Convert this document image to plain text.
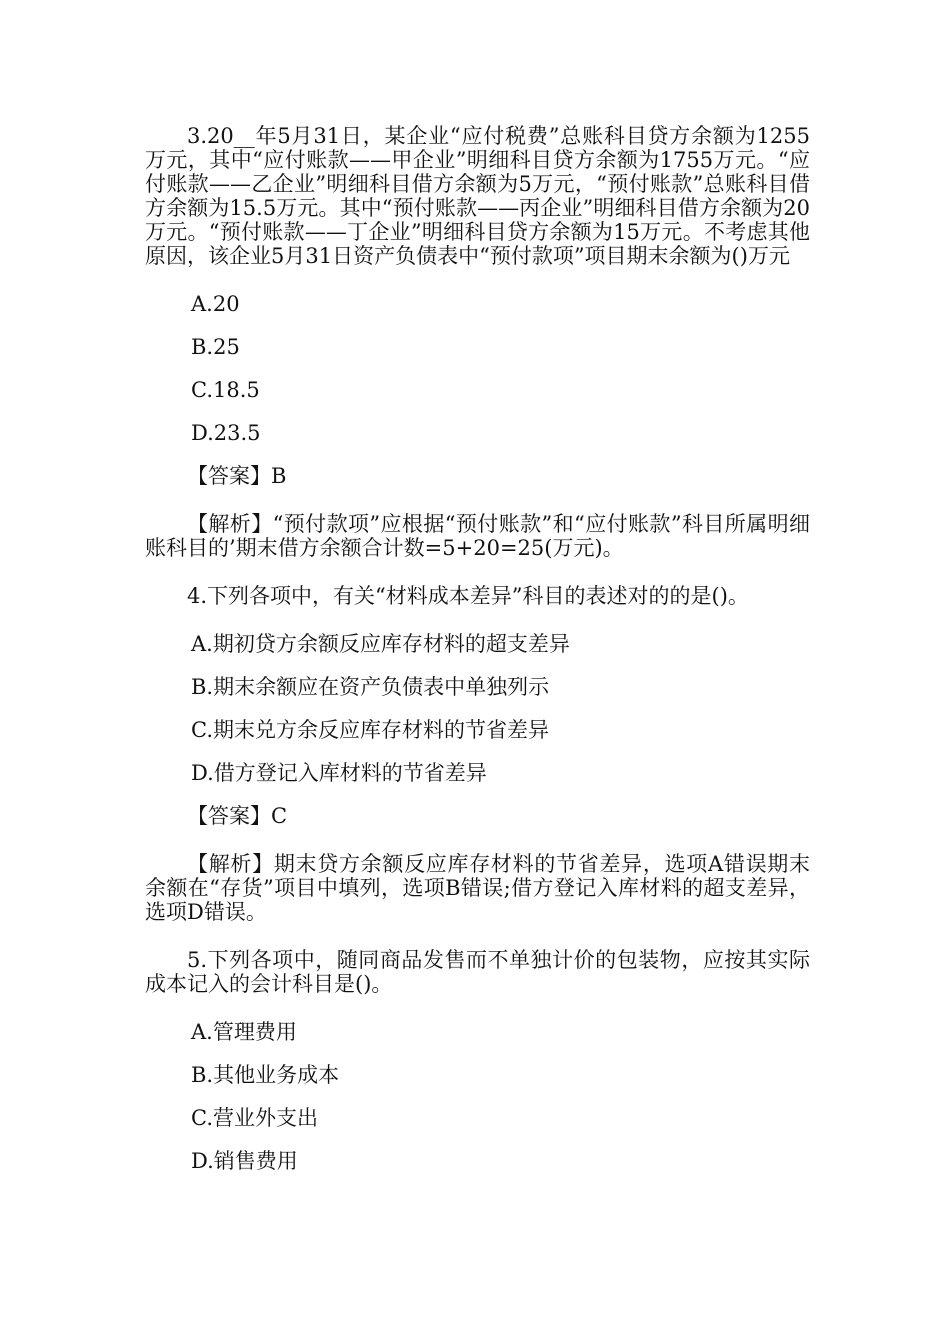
3.20__年5月31日，某企业“应付税费”总账科目贷方余额为1255万元，其中“应付账款——甲企业”明细科目贷方余额为1755万元。“应付账款——乙企业”明细科目借方余额为5万元，“预付账款”总账科目借方余额为15.5万元。其中“预付账款——丙企业”明细科目借方余额为20万元。“预付账款——丁企业”明细科目贷方余额为15万元。不考虑其他原因，该企业5月31日资产负债表中“预付款项”项目期末余额为()万元

A.20

B.25

C.18.5

D.23.5

【答案】B

【解析】“预付款项”应根据“预付账款”和“应付账款”科目所属明细账科目的’期末借方余额合计数=5+20=25(万元)。

4.下列各项中，有关“材料成本差异”科目的表述对的的是()。

A.期初贷方余额反应库存材料的超支差异

B.期末余额应在资产负债表中单独列示

C.期末兑方余反应库存材料的节省差异

D.借方登记入库材料的节省差异

【答案】C

【解析】期末贷方余额反应库存材料的节省差异，选项A错误期末余额在“存货”项目中填列，选项B错误;借方登记入库材料的超支差异，选项D错误。

5.下列各项中，随同商品发售而不单独计价的包装物，应按其实际成本记入的会计科目是()。

A.管理费用

B.其他业务成本

C.营业外支出

D.销售费用
